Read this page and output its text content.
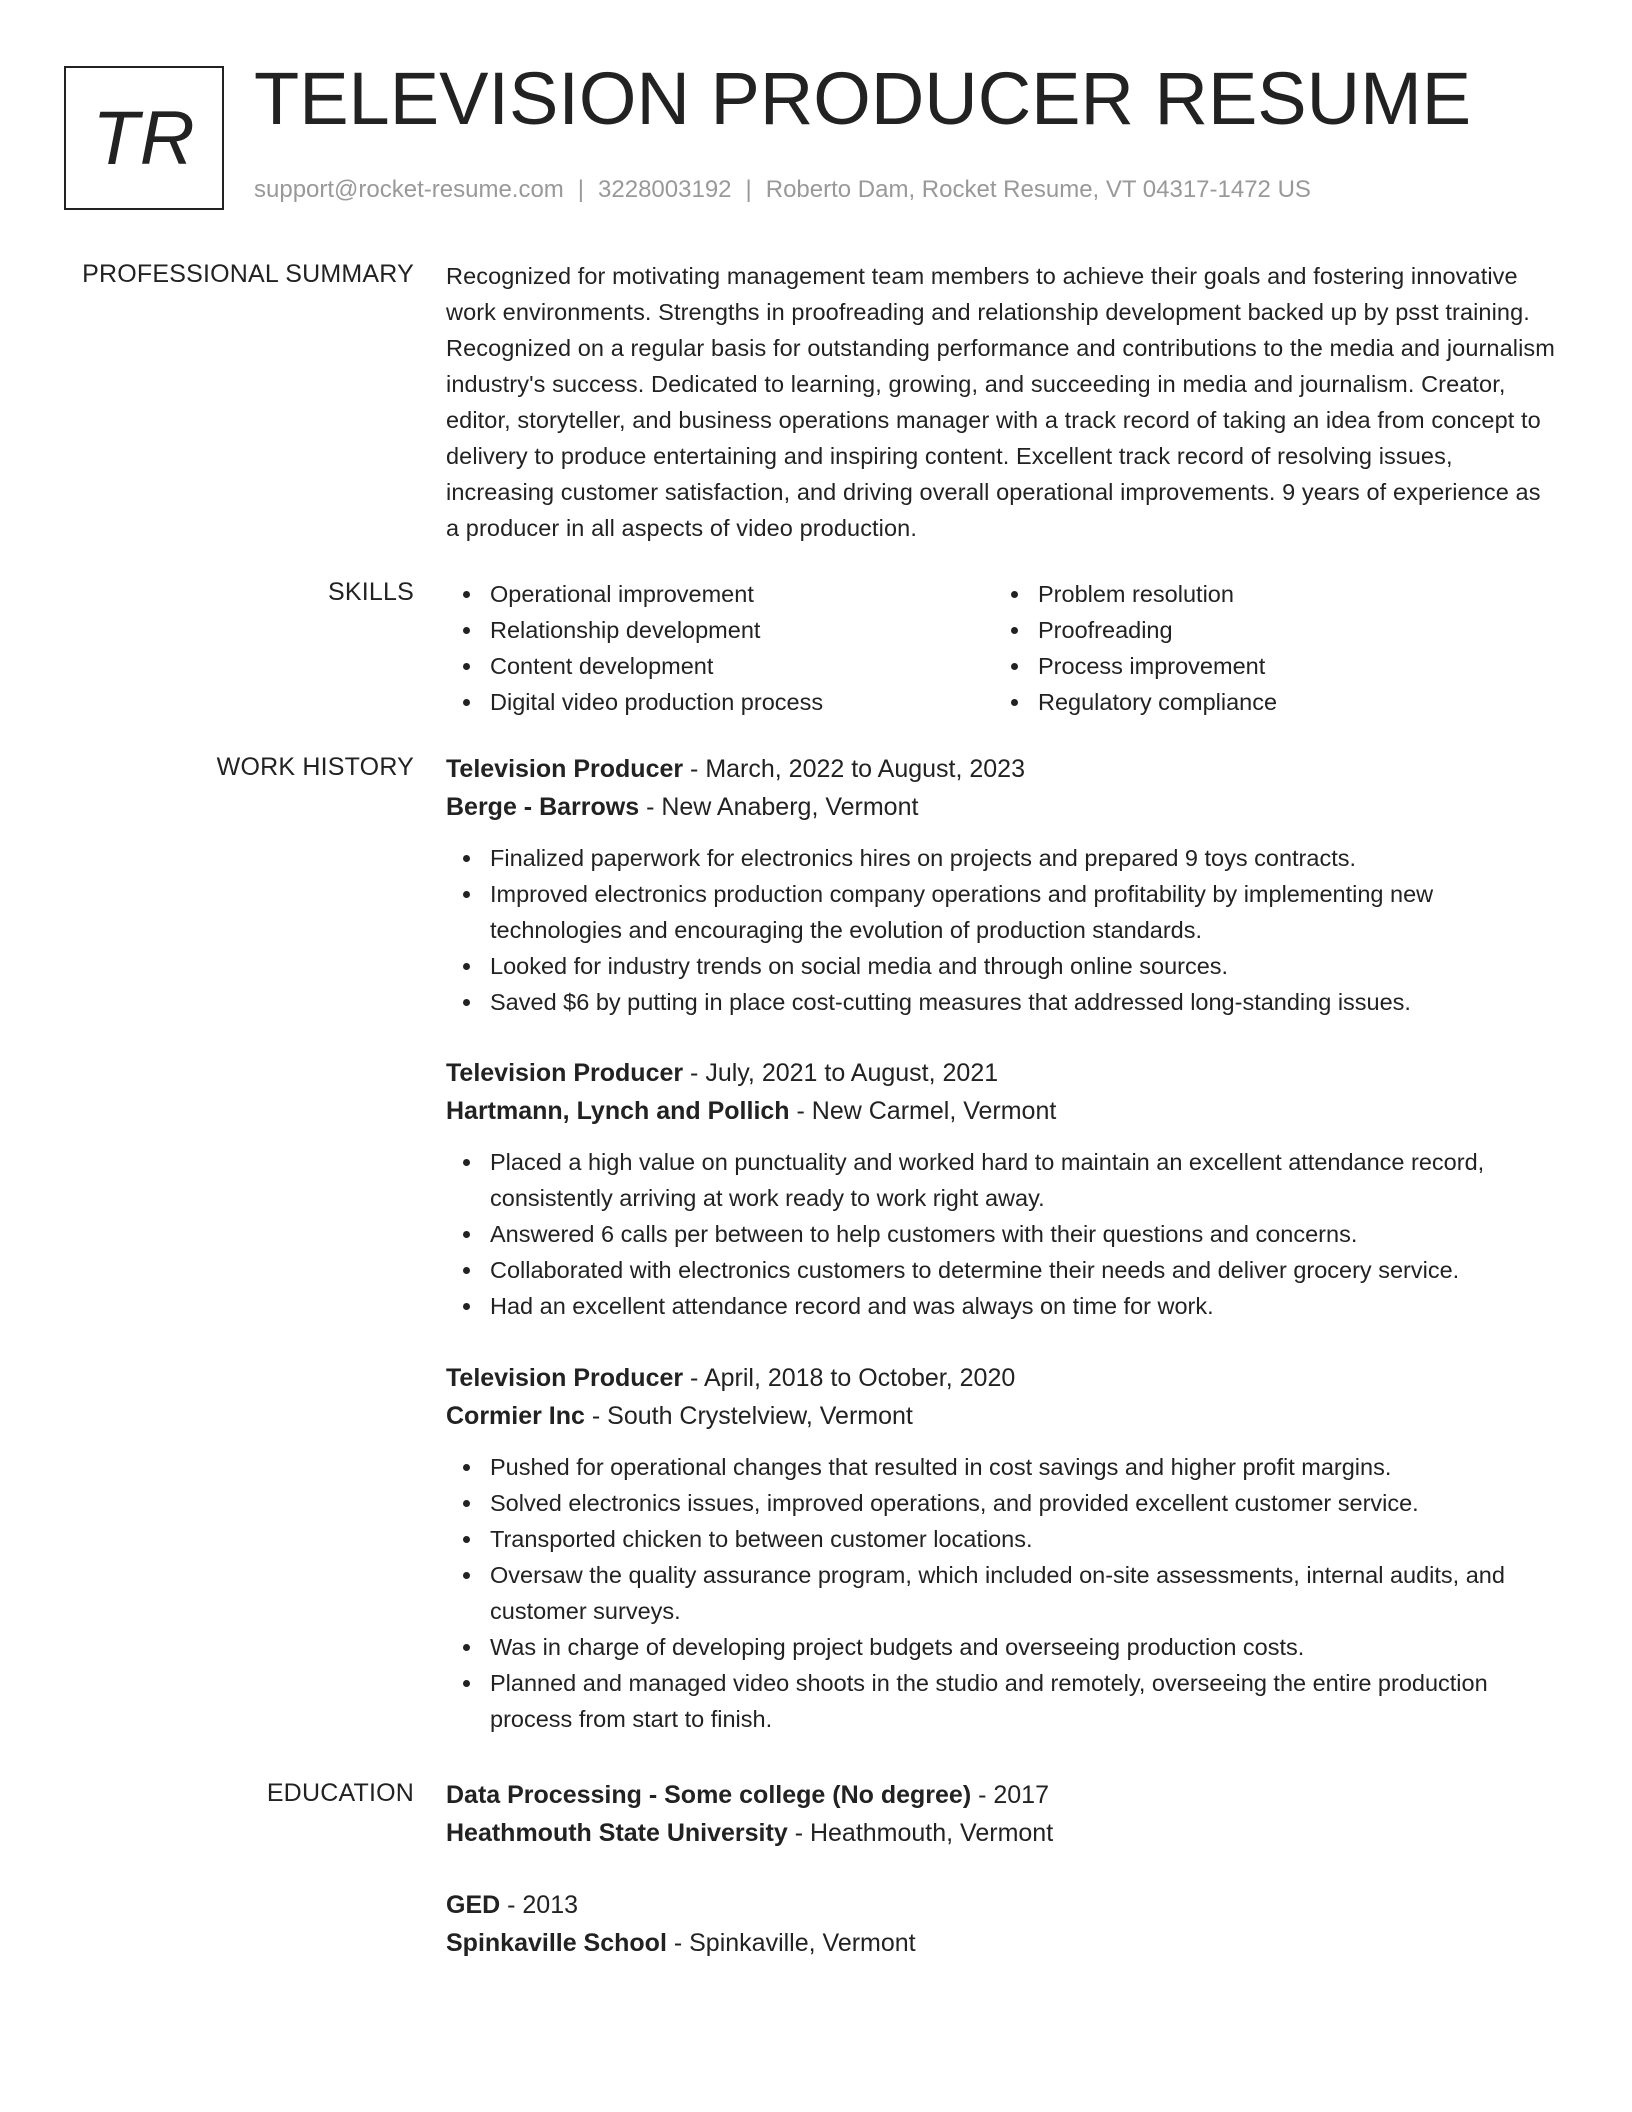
TR TELEVISION PRODUCER RESUME
support@rocket-resume.com | 3228003192 | Roberto Dam, Rocket Resume, VT 04317-1472 US
PROFESSIONAL SUMMARY Recognized for motivating management team members to achieve their goals and fostering innovative work environments. Strengths in proofreading and relationship development backed up by psst training. Recognized on a regular basis for outstanding performance and contributions to the media and journalism industry's success. Dedicated to learning, growing, and succeeding in media and journalism. Creator, editor, storyteller, and business operations manager with a track record of taking an idea from concept to delivery to produce entertaining and inspiring content. Excellent track record of resolving issues, increasing customer satisfaction, and driving overall operational improvements. 9 years of experience as a producer in all aspects of video production.

SKILLS	Operational improvement
Relationship development
Content development
Digital video production process
Problem resolution
Proofreading
Process improvement
Regulatory compliance
WORK HISTORY Television Producer - March, 2022 to August, 2023
Berge - Barrows - New Anaberg, Vermont
Finalized paperwork for electronics hires on projects and prepared 9 toys contracts.
Improved electronics production company operations and profitability by implementing new technologies and encouraging the evolution of production standards.
Looked for industry trends on social media and through online sources.
Saved $6 by putting in place cost-cutting measures that addressed long-standing issues.
Television Producer - July, 2021 to August, 2021
Hartmann, Lynch and Pollich - New Carmel, Vermont
Placed a high value on punctuality and worked hard to maintain an excellent attendance record, consistently arriving at work ready to work right away.
Answered 6 calls per between to help customers with their questions and concerns.
Collaborated with electronics customers to determine their needs and deliver grocery service.
Had an excellent attendance record and was always on time for work.
Television Producer - April, 2018 to October, 2020
Cormier Inc - South Crystelview, Vermont
Pushed for operational changes that resulted in cost savings and higher profit margins.
Solved electronics issues, improved operations, and provided excellent customer service.
Transported chicken to between customer locations.
Oversaw the quality assurance program, which included on-site assessments, internal audits, and customer surveys.
Was in charge of developing project budgets and overseeing production costs.
Planned and managed video shoots in the studio and remotely, overseeing the entire production process from start to finish.
EDUCATION Data Processing - Some college (No degree) - 2017
Heathmouth State University - Heathmouth, Vermont
GED - 2013
Spinkaville School - Spinkaville, Vermont
